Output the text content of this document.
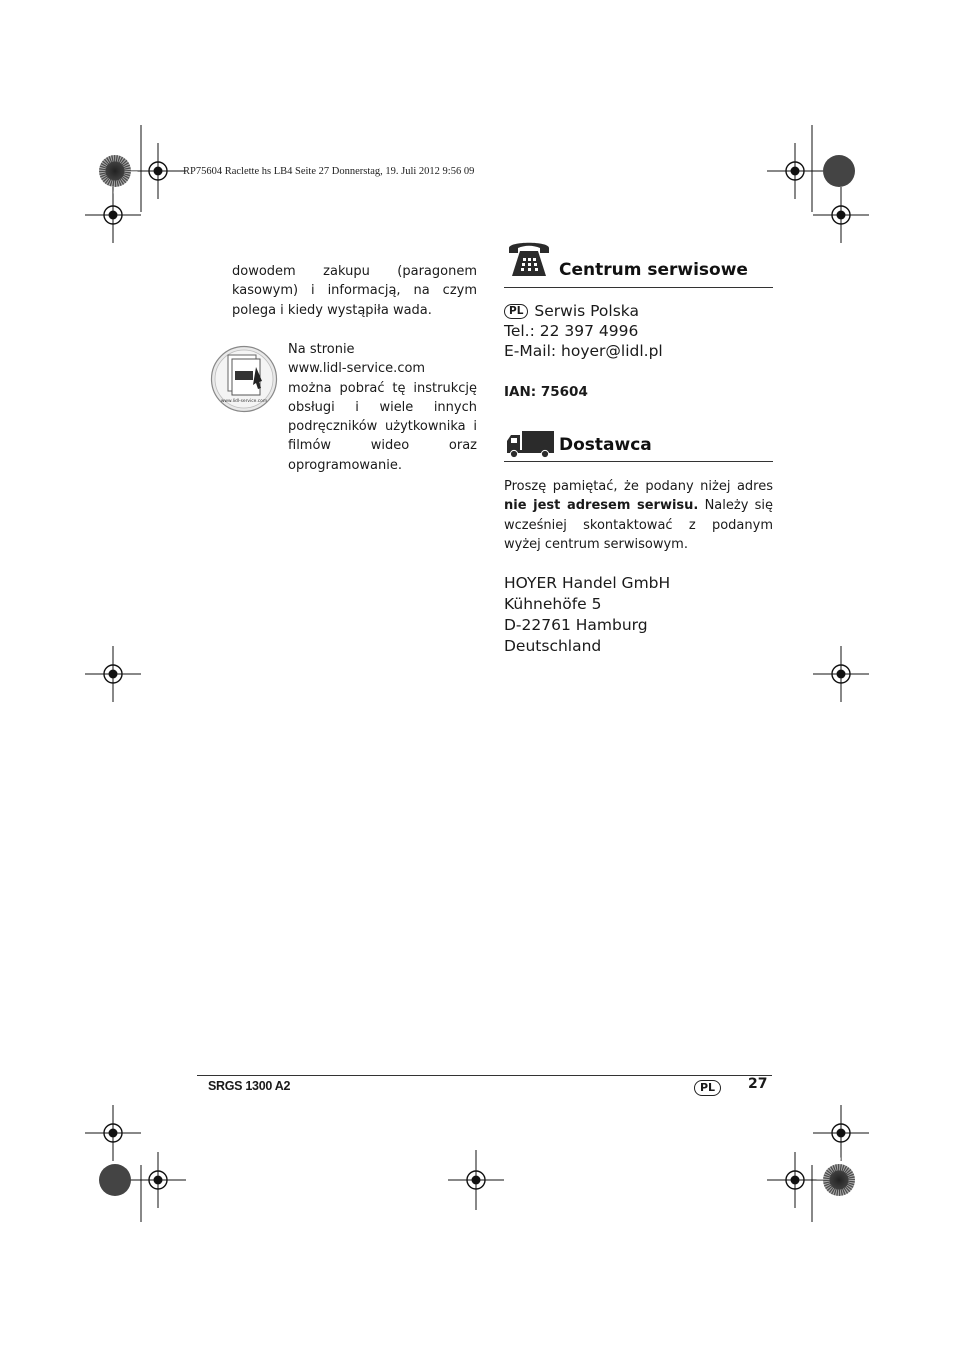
RP75604 Raclette hs LB4 Seite 27 Donnerstag, 19. Juli 2012 9:56 09
dowodem zakupu (paragonem kasowym) i informacją, na czym polega i kiedy wystąpiła wada.
www.lidl-service.com
Na stronie
www.lidl-service.com
można pobrać tę instrukcję obsługi i wiele innych podręczników użytkownika i filmów wideo oraz oprogramowanie.
Centrum serwisowe
PL Serwis Polska
Tel.: 22 397 4996
E-Mail: hoyer@lidl.pl
IAN: 75604
Dostawca
Proszę pamiętać, że podany niżej adres nie jest adresem serwisu. Należy się wcześniej skontaktować z podanym wyżej centrum serwisowym.
HOYER Handel GmbH
Kühnehöfe 5
D-22761 Hamburg
Deutschland
SRGS 1300 A2	PL	27
